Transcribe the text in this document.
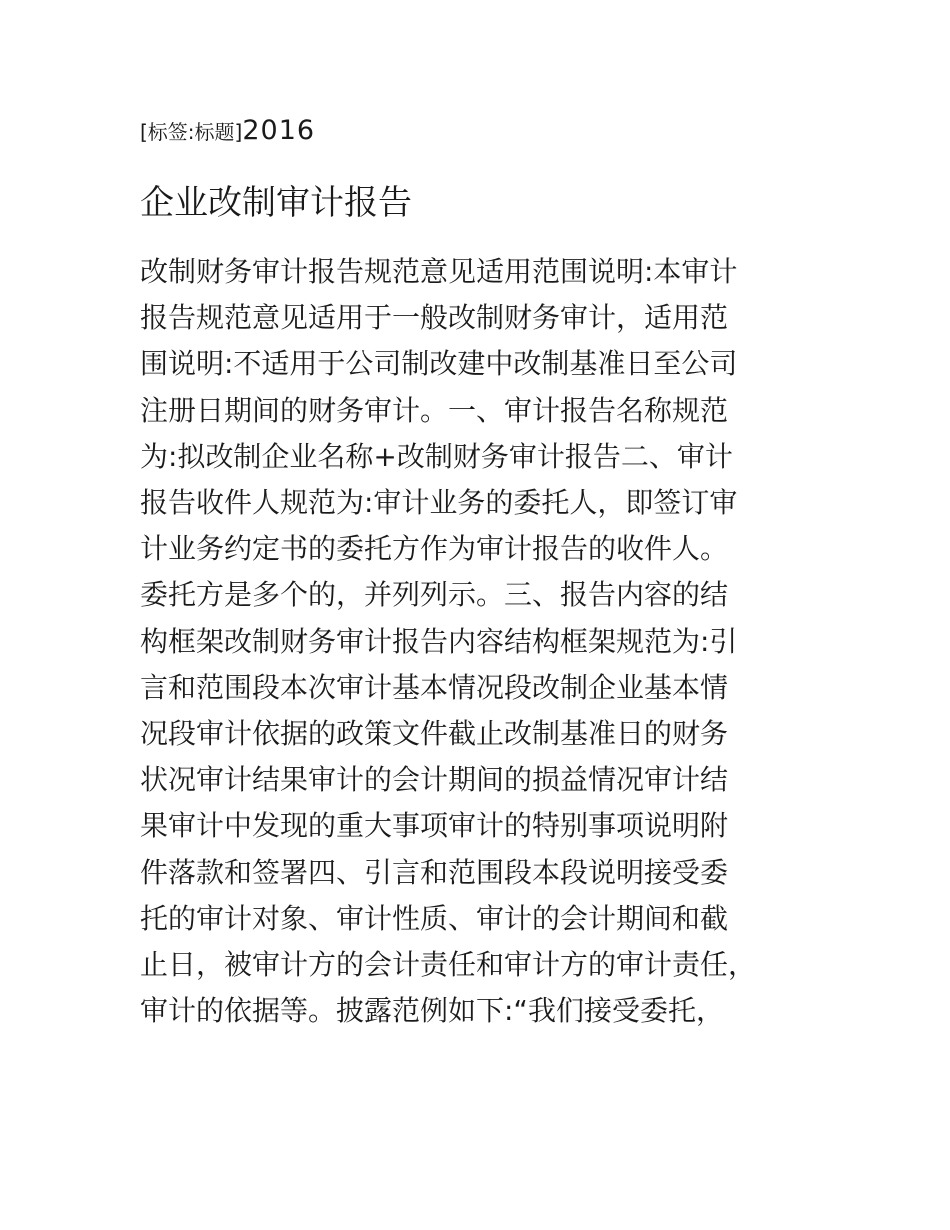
[标签:标题]2016
企业改制审计报告
改制财务审计报告规范意见适用范围说明:本审计
报告规范意见适用于一般改制财务审计，适用范
围说明:不适用于公司制改建中改制基准日至公司
注册日期间的财务审计。一、审计报告名称规范
为:拟改制企业名称+改制财务审计报告二、审计
报告收件人规范为:审计业务的委托人，即签订审
计业务约定书的委托方作为审计报告的收件人。
委托方是多个的，并列列示。三、报告内容的结
构框架改制财务审计报告内容结构框架规范为:引
言和范围段本次审计基本情况段改制企业基本情
况段审计依据的政策文件截止改制基准日的财务
状况审计结果审计的会计期间的损益情况审计结
果审计中发现的重大事项审计的特别事项说明附
件落款和签署四、引言和范围段本段说明接受委
托的审计对象、审计性质、审计的会计期间和截
止日，被审计方的会计责任和审计方的审计责任，
审计的依据等。披露范例如下:“我们接受委托，
